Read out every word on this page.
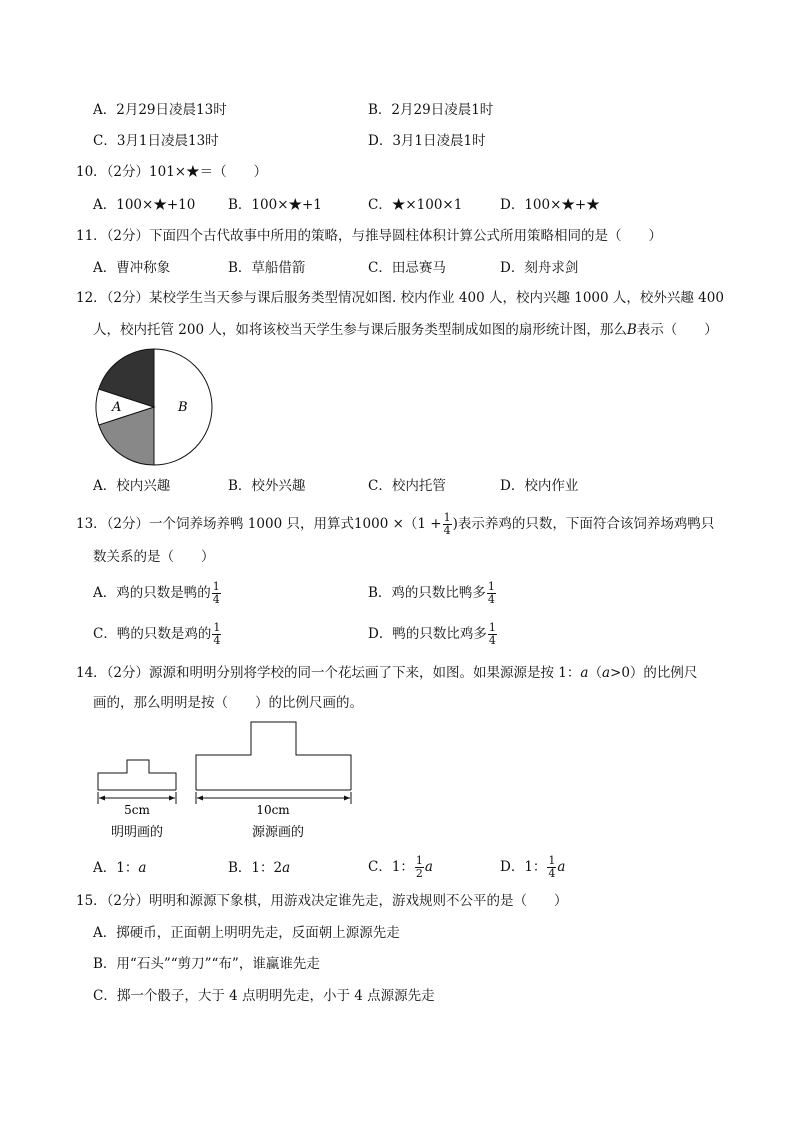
A．2月29日凌晨13时	B．2月29日凌晨1时
C．3月1日凌晨13时	D．3月1日凌晨1时
10．（2分）101×★＝（　　）
A．100×★+10 B．100×★+1	C．★×100×1	D．100×★+★
11．（2分）下面四个古代故事中所用的策略，与推导圆柱体积计算公式所用策略相同的是（　　）
A．曹冲称象	B．草船借箭	C．田忌赛马	D．刻舟求剑
12．（2分）某校学生当天参与课后服务类型情况如图. 校内作业 400 人，校内兴趣 1000 人，校外兴趣 400
人，校内托管 200 人，如将该校当天学生参与课后服务类型制成如图的扇形统计图，那么B表示（　　）
A	B
A．校内兴趣	B．校外兴趣	C．校内托管	D．校内作业
13．（2分）一个饲养场养鸭 1000 只，用算式$1000 \times(1 + \frac{1}{4}$ )表示养鸡的只数，下面符合该饲养场鸡鸭只
数关系的是（　　）
A．鸡的只数是鸭的 $\frac{1}{4}$	B．鸡的只数比鸭多 $\frac{1}{4}$
C．鸭的只数是鸡的 $\frac{1}{4}$	D．鸭的只数比鸡多 $\frac{1}{4}$
14．（2分）源源和明明分别将学校的同一个花坛画了下来，如图。如果源源是按 1：a（a>0）的比例尺
画的，那么明明是按（　　）的比例尺画的。
5cm
明明画的
10cm
源源画的
A．1：a	B．1：2a	C．1： $\frac{1}{2}$ a	D．1： $\frac{1}{4}$ a
15．（2分）明明和源源下象棋，用游戏决定谁先走，游戏规则不公平的是（　　）
A．掷硬币，正面朝上明明先走，反面朝上源源先走
B．用“石头”“剪刀”“布”，谁赢谁先走
C．掷一个骰子，大于 4 点明明先走，小于 4 点源源先走
